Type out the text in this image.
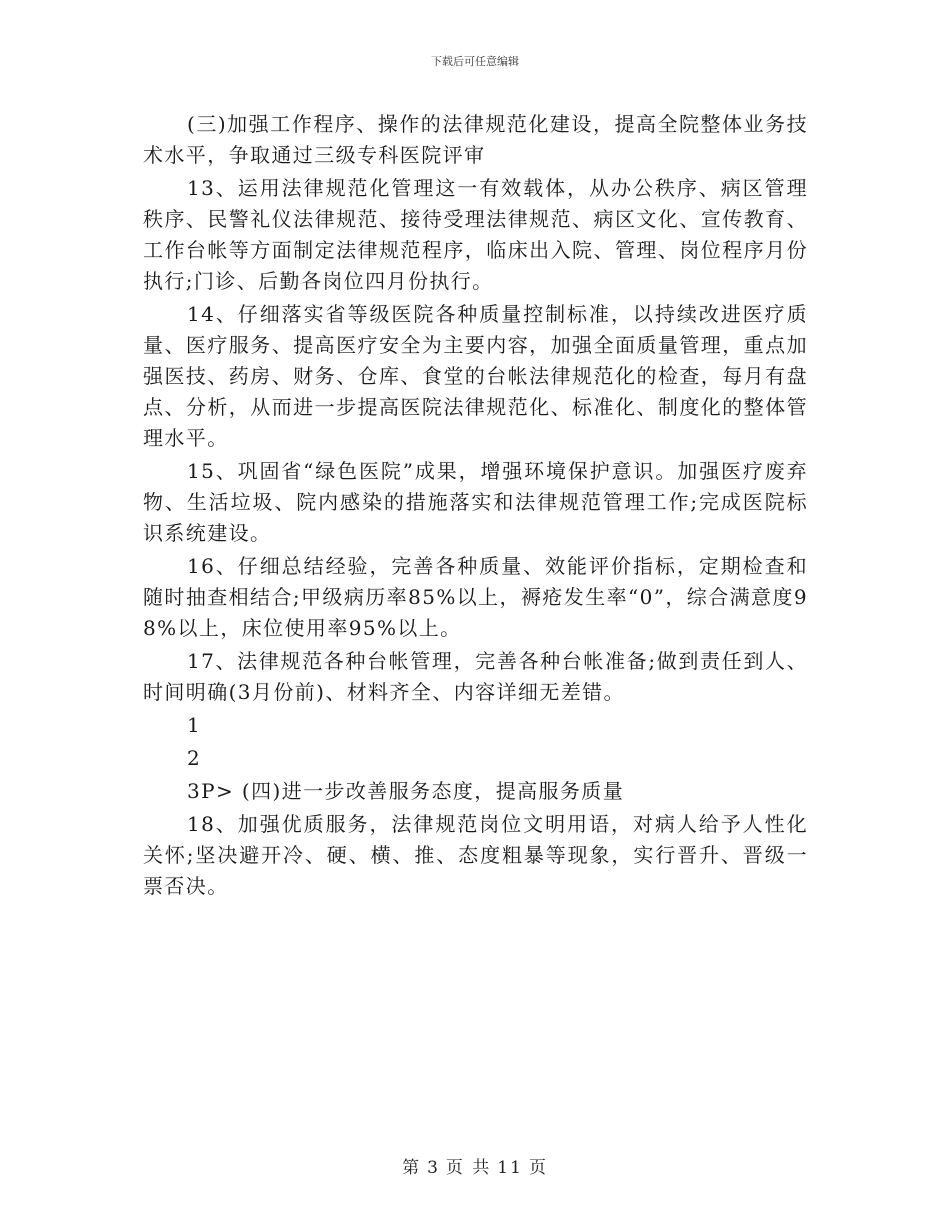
下载后可任意编辑

(三)加强工作程序、操作的法律规范化建设，提高全院整体业务技术水平，争取通过三级专科医院评审

13、运用法律规范化管理这一有效载体，从办公秩序、病区管理秩序、民警礼仪法律规范、接待受理法律规范、病区文化、宣传教育、工作台帐等方面制定法律规范程序，临床出入院、管理、岗位程序月份执行;门诊、后勤各岗位四月份执行。

14、仔细落实省等级医院各种质量控制标准，以持续改进医疗质量、医疗服务、提高医疗安全为主要内容，加强全面质量管理，重点加强医技、药房、财务、仓库、食堂的台帐法律规范化的检查，每月有盘点、分析，从而进一步提高医院法律规范化、标准化、制度化的整体管理水平。

15、巩固省“绿色医院”成果，增强环境保护意识。加强医疗废弃物、生活垃圾、院内感染的措施落实和法律规范管理工作;完成医院标识系统建设。

16、仔细总结经验，完善各种质量、效能评价指标，定期检查和随时抽查相结合;甲级病历率85%以上，褥疮发生率“0”，综合满意度98%以上，床位使用率95%以上。

17、法律规范各种台帐管理，完善各种台帐准备;做到责任到人、时间明确(3月份前)、材料齐全、内容详细无差错。

1

2

3P> (四)进一步改善服务态度，提高服务质量

18、加强优质服务，法律规范岗位文明用语，对病人给予人性化关怀;坚决避开冷、硬、横、推、态度粗暴等现象，实行晋升、晋级一票否决。

第 3 页 共 11 页
